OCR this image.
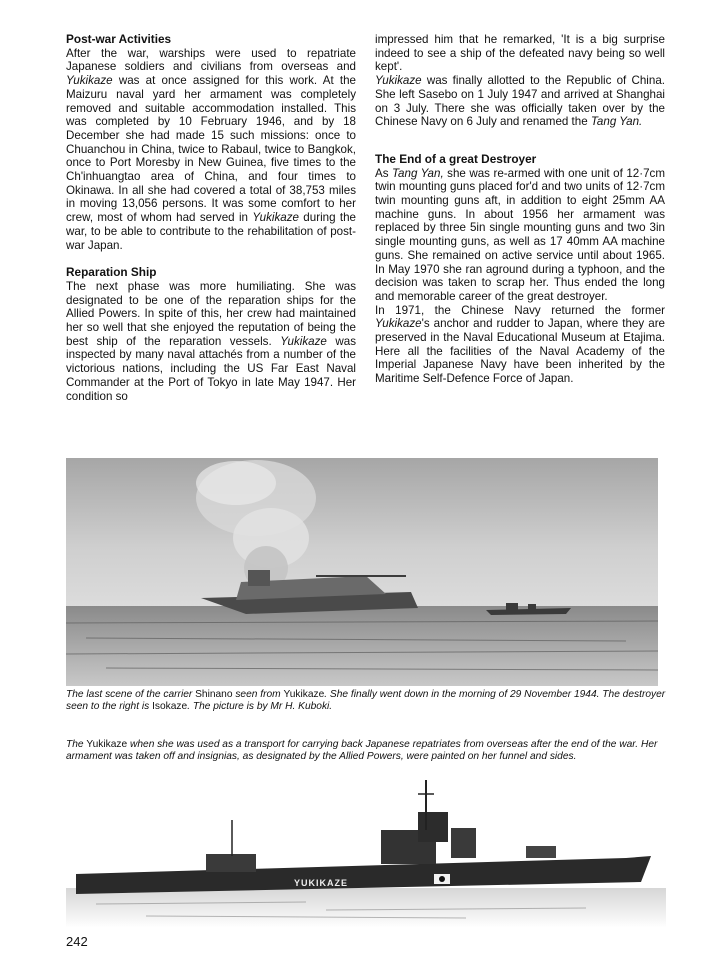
Post-war Activities

After the war, warships were used to repatriate Japanese soldiers and civilians from overseas and Yukikaze was at once assigned for this work. At the Maizuru naval yard her armament was completely removed and suitable accommodation installed. This was completed by 10 February 1946, and by 18 December she had made 15 such missions: once to Chuanchou in China, twice to Rabaul, twice to Bangkok, once to Port Moresby in New Guinea, five times to the Ch'inhuangtao area of China, and four times to Okinawa. In all she had covered a total of 38,753 miles in moving 13,056 persons. It was some comfort to her crew, most of whom had served in Yukikaze during the war, to be able to contribute to the rehabilitation of post-war Japan.

Reparation Ship

The next phase was more humiliating. She was designated to be one of the reparation ships for the Allied Powers. In spite of this, her crew had maintained her so well that she enjoyed the reputation of being the best ship of the reparation vessels. Yukikaze was inspected by many naval attachés from a number of the victorious nations, including the US Far East Naval Commander at the Port of Tokyo in late May 1947. Her condition so

impressed him that he remarked, 'It is a big surprise indeed to see a ship of the defeated navy being so well kept'.

Yukikaze was finally allotted to the Republic of China. She left Sasebo on 1 July 1947 and arrived at Shanghai on 3 July. There she was officially taken over by the Chinese Navy on 6 July and renamed the Tang Yan.

The End of a great Destroyer

As Tang Yan, she was re-armed with one unit of 12·7cm twin mounting guns placed for'd and two units of 12·7cm twin mounting guns aft, in addition to eight 25mm AA machine guns. In about 1956 her armament was replaced by three 5in single mounting guns and two 3in single mounting guns, as well as 17 40mm AA machine guns. She remained on active service until about 1965. In May 1970 she ran aground during a typhoon, and the decision was taken to scrap her. Thus ended the long and memorable career of the great destroyer.

In 1971, the Chinese Navy returned the former Yukikaze's anchor and rudder to Japan, where they are preserved in the Naval Educational Museum at Etajima. Here all the facilities of the Naval Academy of the Imperial Japanese Navy have been inherited by the Maritime Self-Defence Force of Japan.

The last scene of the carrier Shinano seen from Yukikaze. She finally went down in the morning of 29 November 1944. The destroyer seen to the right is Isokaze. The picture is by Mr H. Kuboki.
The Yukikaze when she was used as a transport for carrying back Japanese repatriates from overseas after the end of the war. Her armament was taken off and insignias, as designated by the Allied Powers, were painted on her funnel and sides.
YUKIKAZE
242
